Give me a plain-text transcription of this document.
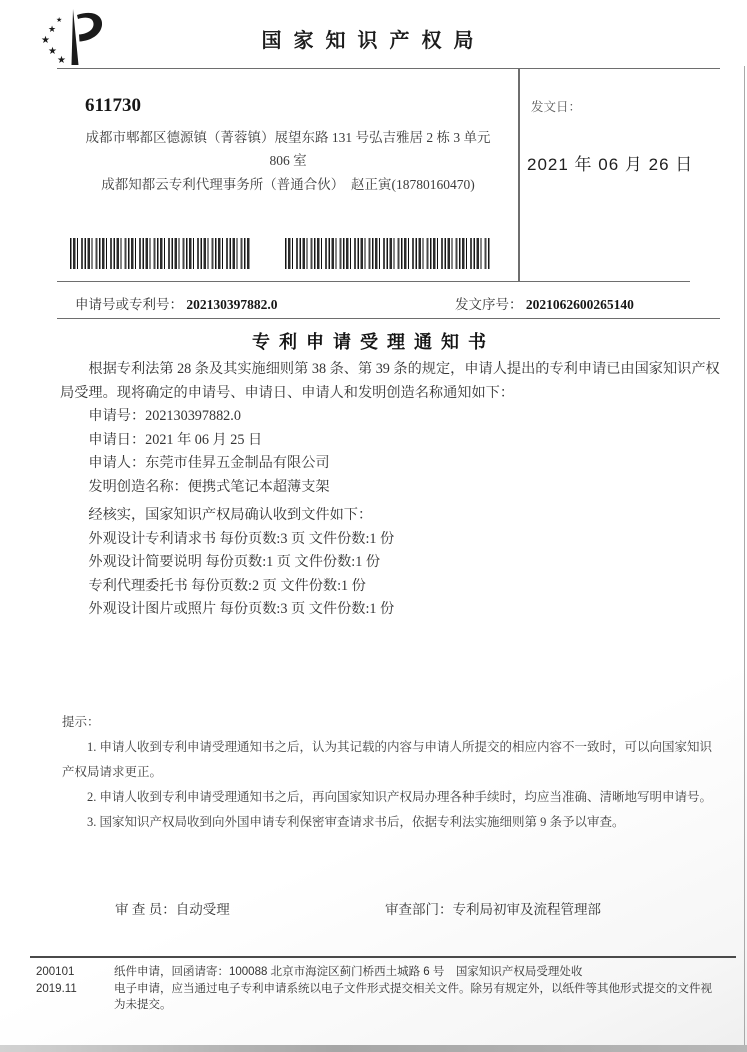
★
★
★
★
★
国家知识产权局
611730
成都市郫都区德源镇（菁蓉镇）展望东路 131 号弘吉雅居 2 栋 3 单元
806 室
成都知都云专利代理事务所（普通合伙）　赵正寅(18780160470)
发文日：
2021 年 06 月 26 日
申请号或专利号： 202130397882.0	发文序号： 2021062600265140
专利申请受理通知书
根据专利法第 28 条及其实施细则第 38 条、第 39 条的规定，申请人提出的专利申请已由国家知识产权局受理。现将确定的申请号、申请日、申请人和发明创造名称通知如下：
申请号：202130397882.0
申请日：2021 年 06 月 25 日
申请人：东莞市佳昇五金制品有限公司
发明创造名称：便携式笔记本超薄支架
经核实，国家知识产权局确认收到文件如下：
外观设计专利请求书 每份页数:3 页 文件份数:1 份
外观设计简要说明 每份页数:1 页 文件份数:1 份
专利代理委托书 每份页数:2 页 文件份数:1 份
外观设计图片或照片 每份页数:3 页 文件份数:1 份
提示：
1. 申请人收到专利申请受理通知书之后，认为其记载的内容与申请人所提交的相应内容不一致时，可以向国家知识产权局请求更正。
2. 申请人收到专利申请受理通知书之后，再向国家知识产权局办理各种手续时，均应当准确、清晰地写明申请号。
3. 国家知识产权局收到向外国申请专利保密审查请求书后，依据专利法实施细则第 9 条予以审查。
审 查 员：自动受理	审查部门：专利局初审及流程管理部
200101
2019.11
纸件申请，回函请寄：100088 北京市海淀区蓟门桥西土城路 6 号　国家知识产权局受理处收
电子申请，应当通过电子专利申请系统以电子文件形式提交相关文件。除另有规定外，以纸件等其他形式提交的文件视为未提交。
